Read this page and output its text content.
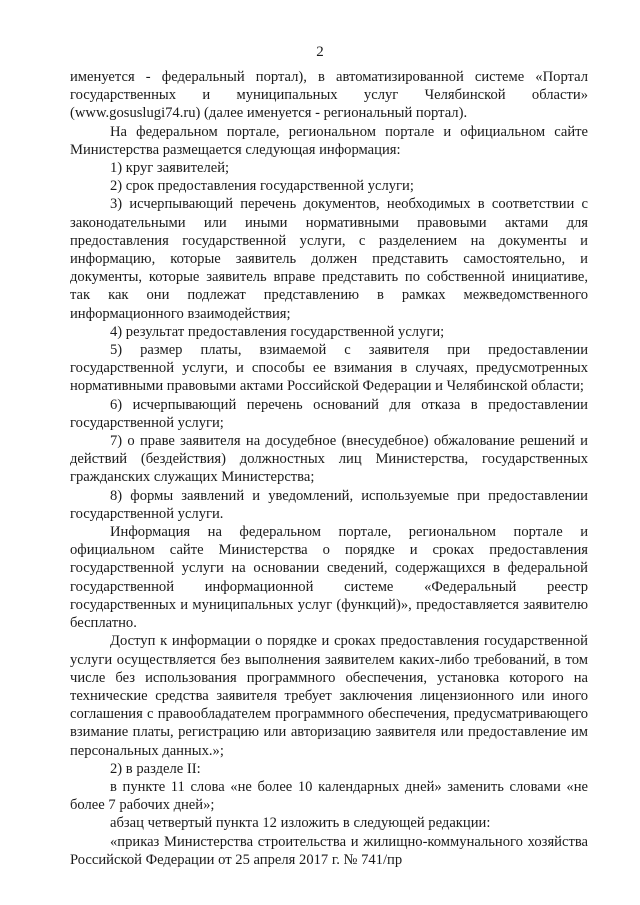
2

именуется - федеральный портал), в автоматизированной системе «Портал государственных и муниципальных услуг Челябинской области» (www.gosuslugi74.ru) (далее именуется - региональный портал).

На федеральном портале, региональном портале и официальном сайте Министерства размещается следующая информация:

1) круг заявителей;

2) срок предоставления государственной услуги;

3) исчерпывающий перечень документов, необходимых в соответствии с законодательными или иными нормативными правовыми актами для предоставления государственной услуги, с разделением на документы и информацию, которые заявитель должен представить самостоятельно, и документы, которые заявитель вправе представить по собственной инициативе, так как они подлежат представлению в рамках межведомственного информационного взаимодействия;

4) результат предоставления государственной услуги;

5) размер платы, взимаемой с заявителя при предоставлении государственной услуги, и способы ее взимания в случаях, предусмотренных нормативными правовыми актами Российской Федерации и Челябинской области;

6) исчерпывающий перечень оснований для отказа в предоставлении государственной услуги;

7) о праве заявителя на досудебное (внесудебное) обжалование решений и действий (бездействия) должностных лиц Министерства, государственных гражданских служащих Министерства;

8) формы заявлений и уведомлений, используемые при предоставлении государственной услуги.

Информация на федеральном портале, региональном портале и официальном сайте Министерства о порядке и сроках предоставления государственной услуги на основании сведений, содержащихся в федеральной государственной информационной системе «Федеральный реестр государственных и муниципальных услуг (функций)», предоставляется заявителю бесплатно.

Доступ к информации о порядке и сроках предоставления государственной услуги осуществляется без выполнения заявителем каких-либо требований, в том числе без использования программного обеспечения, установка которого на технические средства заявителя требует заключения лицензионного или иного соглашения с правообладателем программного обеспечения, предусматривающего взимание платы, регистрацию или авторизацию заявителя или предоставление им персональных данных.»;

2) в разделе II:

в пункте 11 слова «не более 10 календарных дней» заменить словами «не более 7 рабочих дней»;

абзац четвертый пункта 12 изложить в следующей редакции:

«приказ Министерства строительства и жилищно-коммунального хозяйства Российской Федерации от 25 апреля 2017 г. № 741/пр
